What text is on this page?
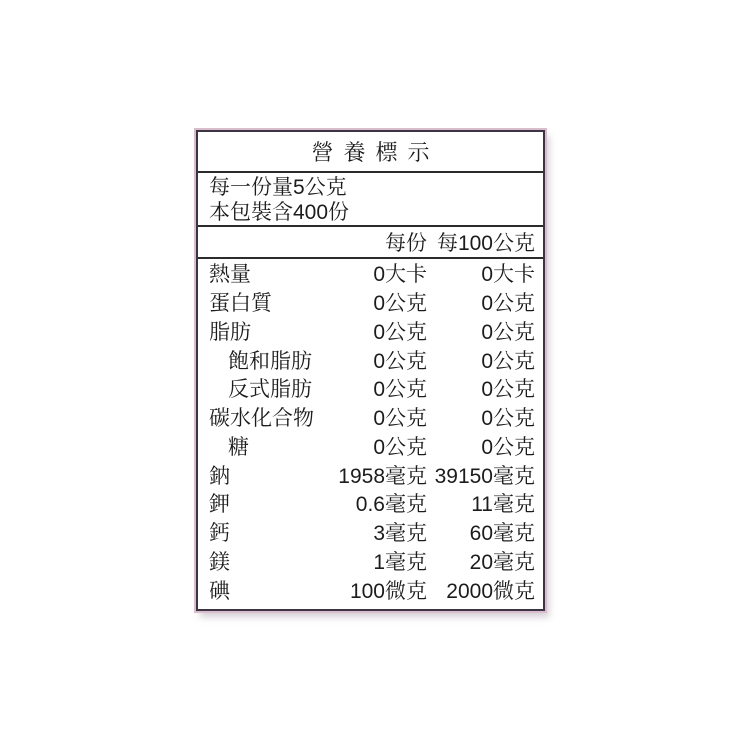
營養標示
每一份量5公克
本包裝含400份
每份 每100公克
熱量	0大卡	0大卡
蛋白質	0公克	0公克
脂肪	0公克	0公克
飽和脂肪	0公克	0公克
反式脂肪	0公克	0公克
碳水化合物	0公克	0公克
糖	0公克	0公克
鈉	1958毫克 39150毫克
鉀	0.6毫克	11毫克
鈣	3毫克	60毫克
鎂	1毫克	20毫克
碘	100微克 2000微克
